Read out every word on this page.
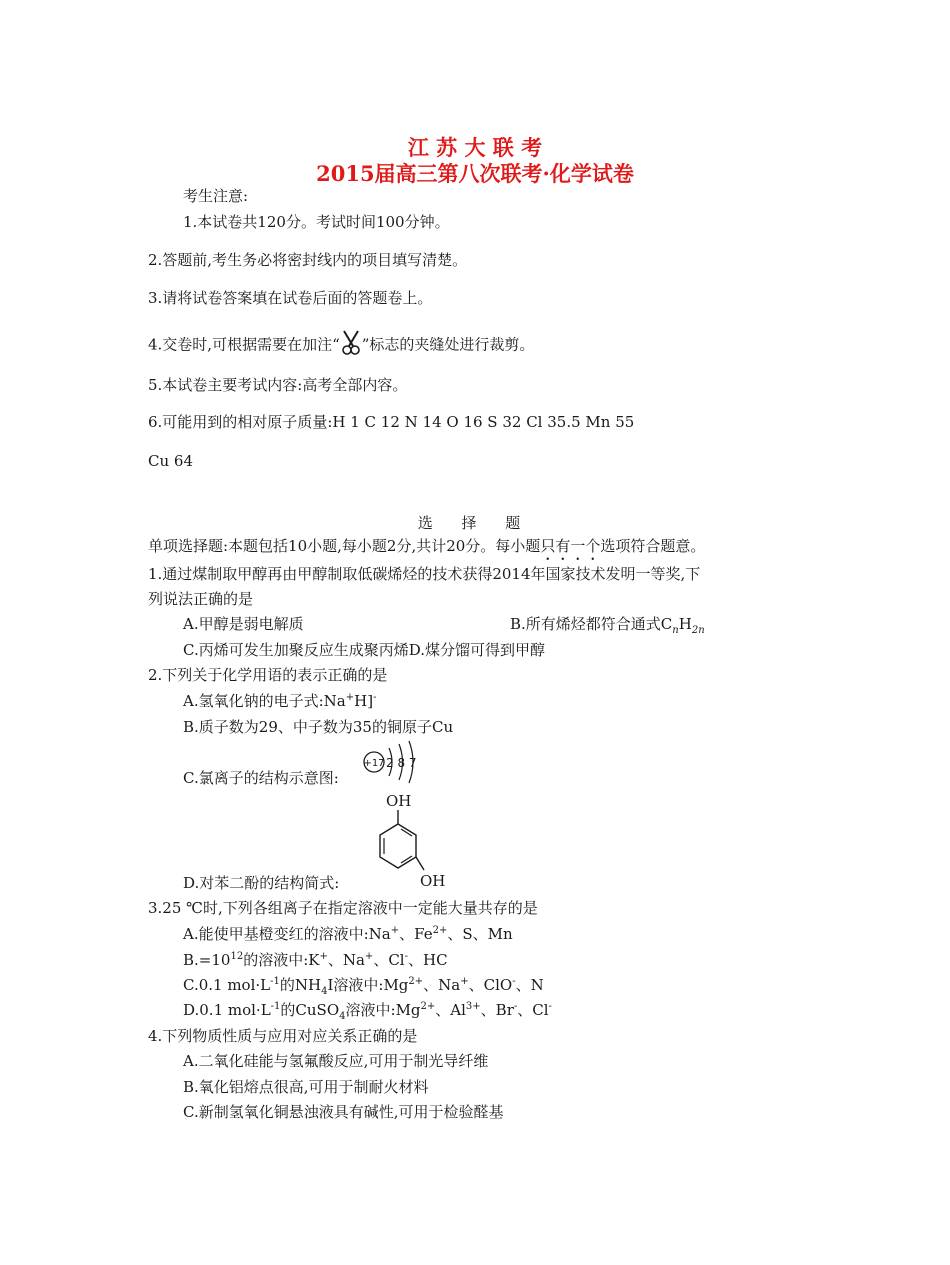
江 苏 大 联 考
2015届高三第八次联考·化学试卷
考生注意:
1.本试卷共120分。考试时间100分钟。
2.答题前,考生务必将密封线内的项目填写清楚。
3.请将试卷答案填在试卷后面的答题卷上。
4.交卷时,可根据需要在加注“ ”标志的夹缝处进行裁剪。
5.本试卷主要考试内容:高考全部内容。
6.可能用到的相对原子质量:H 1 C 12 N 14 O 16 S 32 Cl 35.5 Mn 55
Cu 64
选 择 题
单项选择题:本题包括10小题,每小题2分,共计20分。每小题只有一个选项符合题意。
1.通过煤制取甲醇再由甲醇制取低碳烯烃的技术获得2014年国家技术发明一等奖,下
列说法正确的是
A.甲醇是弱电解质	B.所有烯烃都符合通式$C_nH_{2n}$
C.丙烯可发生加聚反应生成聚丙烯D.煤分馏可得到甲醇
2.下列关于化学用语的表示正确的是
A.氢氧化钠的电子式:Na+H]-
B.质子数为29、中子数为35的铜原子Cu
+17 2 8 7
C.氯离子的结构示意图:
OH
OH
D.对苯二酚的结构简式:
3.25 ℃时,下列各组离子在指定溶液中一定能大量共存的是
A.能使甲基橙变红的溶液中:Na+、$Fe^{2+}$、S、Mn
$B.=10^{12}$的溶液中:K+、Na+、Cl-、HC
C.0.1 $mol\cdot L^{-1}$的$NH_4I$溶液中$:Mg^{2+}$、Na+、ClO-、N
D.0.1 $mol\cdot L^{-1}$的CuSO$_4$溶液中$:Mg^{2+}$、$Al^{3+}$、Br-、Cl-
4.下列物质性质与应用对应关系正确的是
A.二氧化硅能与氢氟酸反应,可用于制光导纤维
B.氧化铝熔点很高,可用于制耐火材料
C.新制氢氧化铜悬浊液具有碱性,可用于检验醛基
